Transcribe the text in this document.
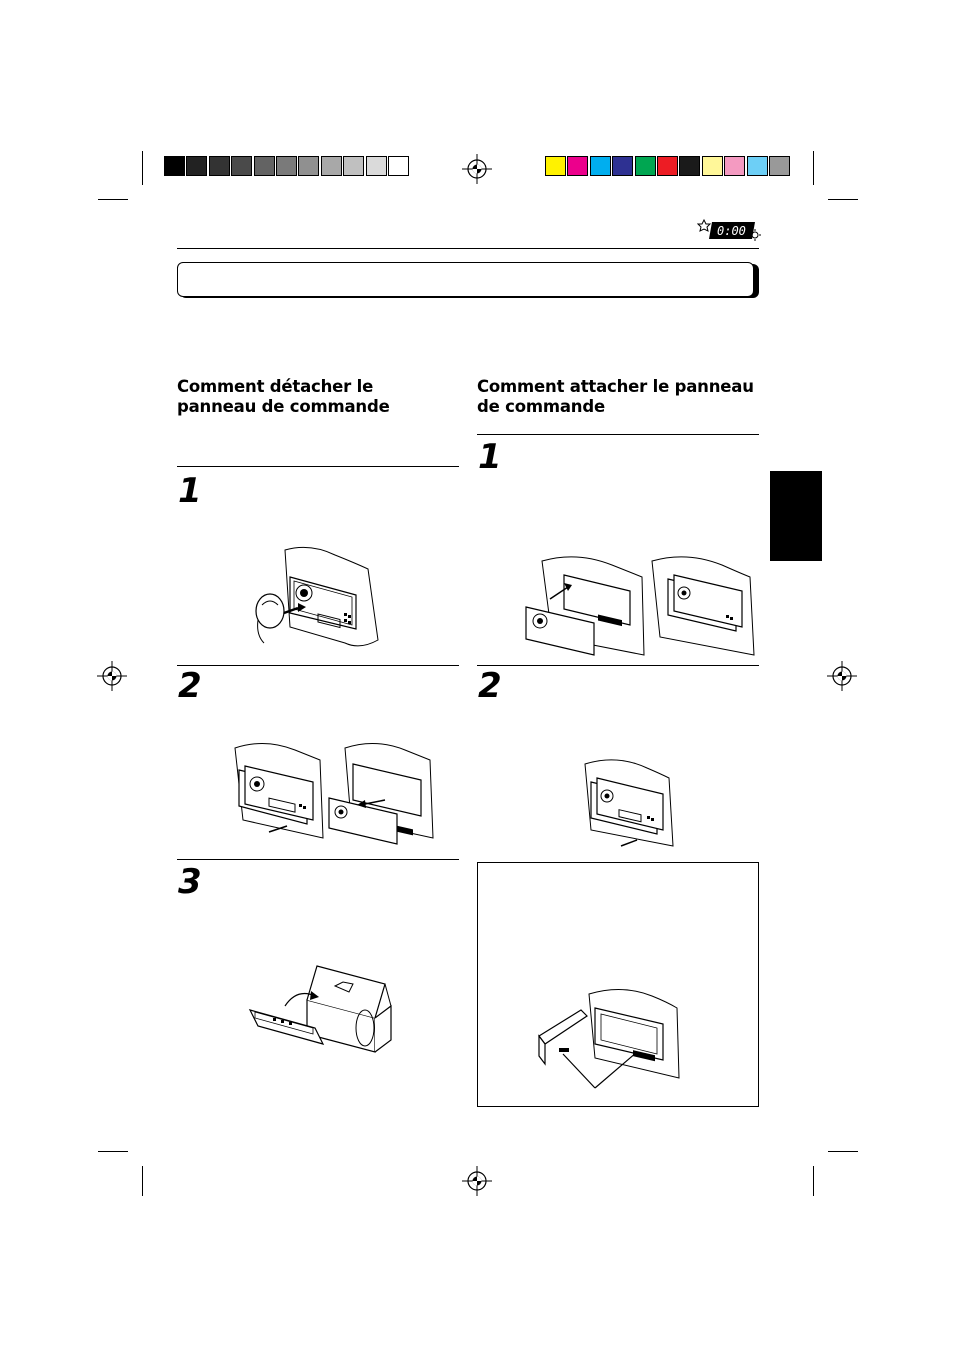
0:00
Comment détacher le
panneau de commande
1
2
3
Comment attacher le panneau
de commande
1
2
